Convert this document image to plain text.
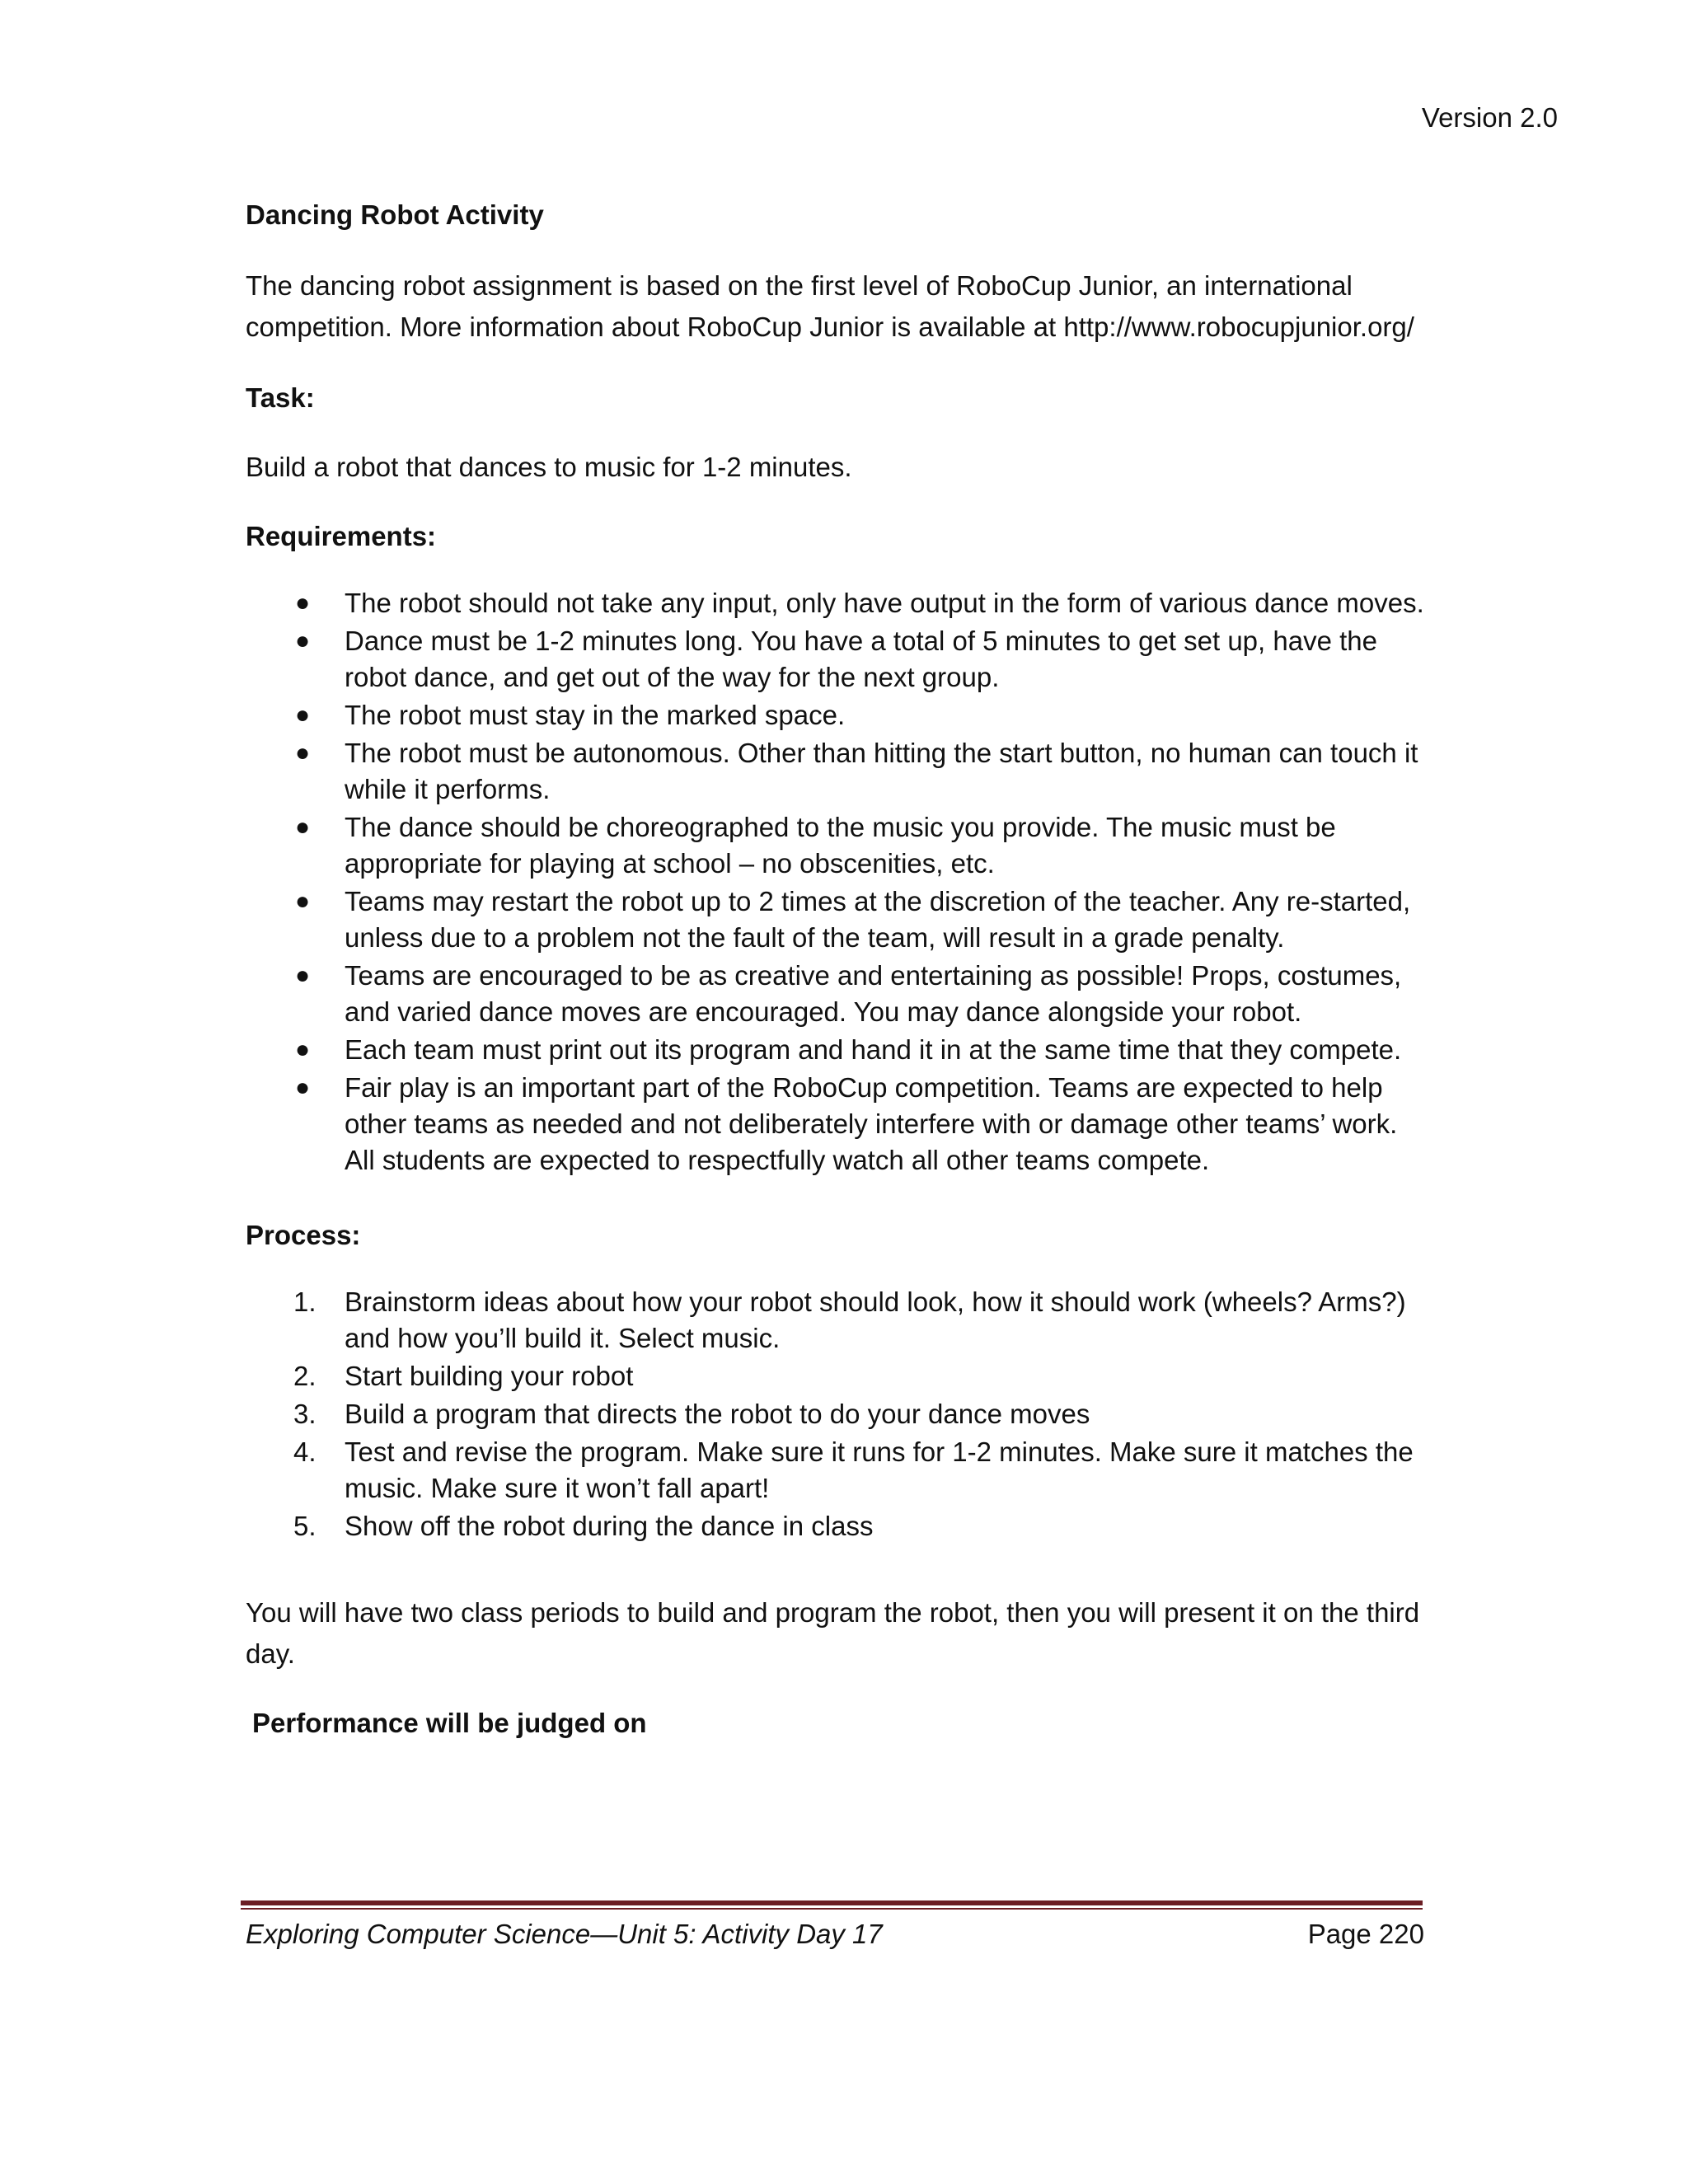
Version 2.0

Dancing Robot Activity

The dancing robot assignment is based on the first level of RoboCup Junior, an international competition. More information about RoboCup Junior is available at http://www.robocupjunior.org/

Task:

Build a robot that dances to music for 1-2 minutes.

Requirements:

● The robot should not take any input, only have output in the form of various dance moves.
● Dance must be 1-2 minutes long. You have a total of 5 minutes to get set up, have the robot dance, and get out of the way for the next group.
● The robot must stay in the marked space.
● The robot must be autonomous. Other than hitting the start button, no human can touch it while it performs.
● The dance should be choreographed to the music you provide. The music must be appropriate for playing at school – no obscenities, etc.
● Teams may restart the robot up to 2 times at the discretion of the teacher. Any re-started, unless due to a problem not the fault of the team, will result in a grade penalty.
● Teams are encouraged to be as creative and entertaining as possible! Props, costumes, and varied dance moves are encouraged. You may dance alongside your robot.
● Each team must print out its program and hand it in at the same time that they compete.
● Fair play is an important part of the RoboCup competition. Teams are expected to help other teams as needed and not deliberately interfere with or damage other teams’ work. All students are expected to respectfully watch all other teams compete.

Process:

1. Brainstorm ideas about how your robot should look, how it should work (wheels? Arms?) and how you’ll build it. Select music.
2. Start building your robot
3. Build a program that directs the robot to do your dance moves
4. Test and revise the program. Make sure it runs for 1-2 minutes. Make sure it matches the music. Make sure it won’t fall apart!
5. Show off the robot during the dance in class

You will have two class periods to build and program the robot, then you will present it on the third day.

Performance will be judged on

Exploring Computer Science—Unit 5: Activity Day 17	Page 220
